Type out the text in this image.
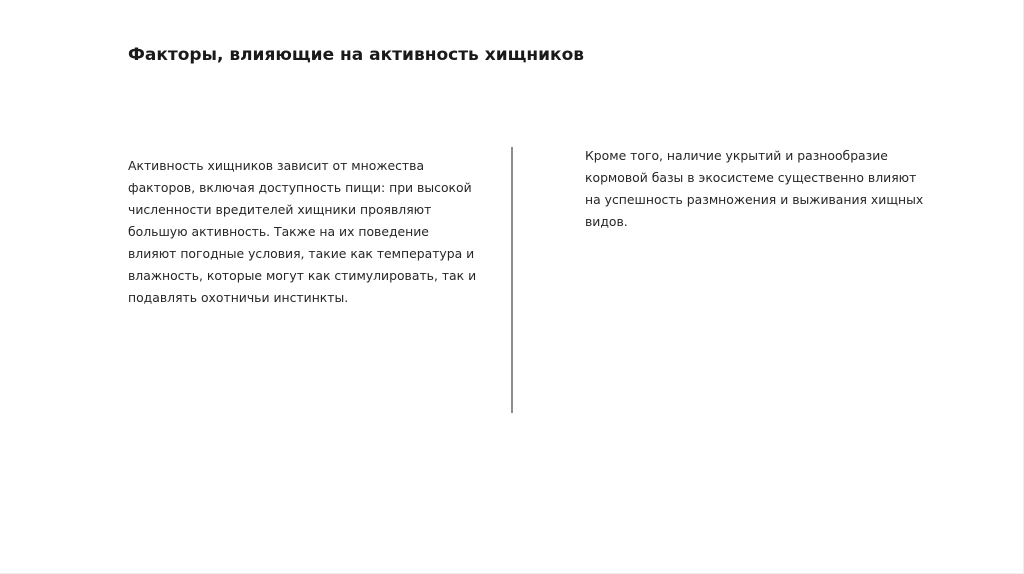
Факторы, влияющие на активность хищников

Активность хищников зависит от множества

факторов, включая доступность пищи: при высокой

численности вредителей хищники проявляют

большую активность. Также на их поведение

влияют погодные условия, такие как температура и

влажность, которые могут как стимулировать, так и

подавлять охотничьи инстинкты.

Кроме того, наличие укрытий и разнообразие

кормовой базы в экосистеме существенно влияют

на успешность размножения и выживания хищных

видов.
